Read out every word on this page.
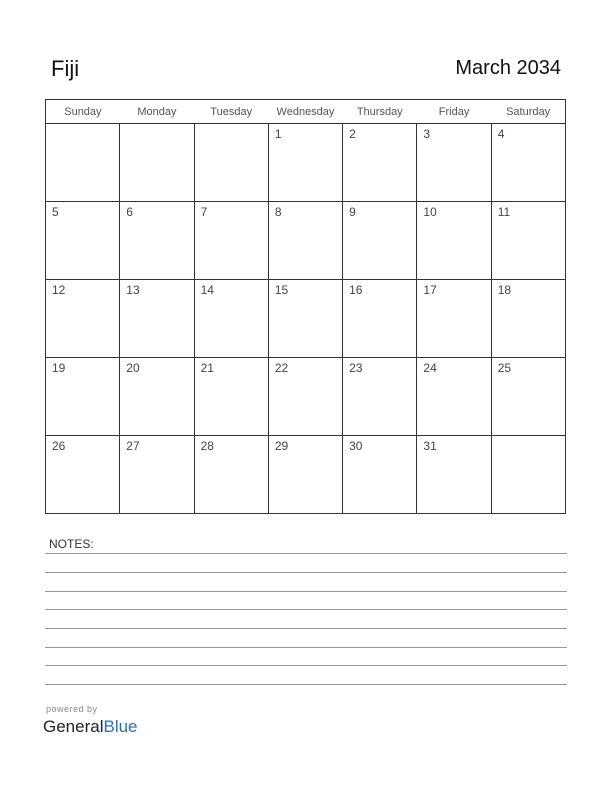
Fiji	March 2034
Sunday	Monday	Tuesday	Wednesday	Thursday	Friday	Saturday

			1	2	3	4

5	6	7	8	9	10	11

12	13	14	15	16	17	18

19	20	21	22	23	24	25

26	27	28	29	30	31	

NOTES:
powered by
GeneralBlue
